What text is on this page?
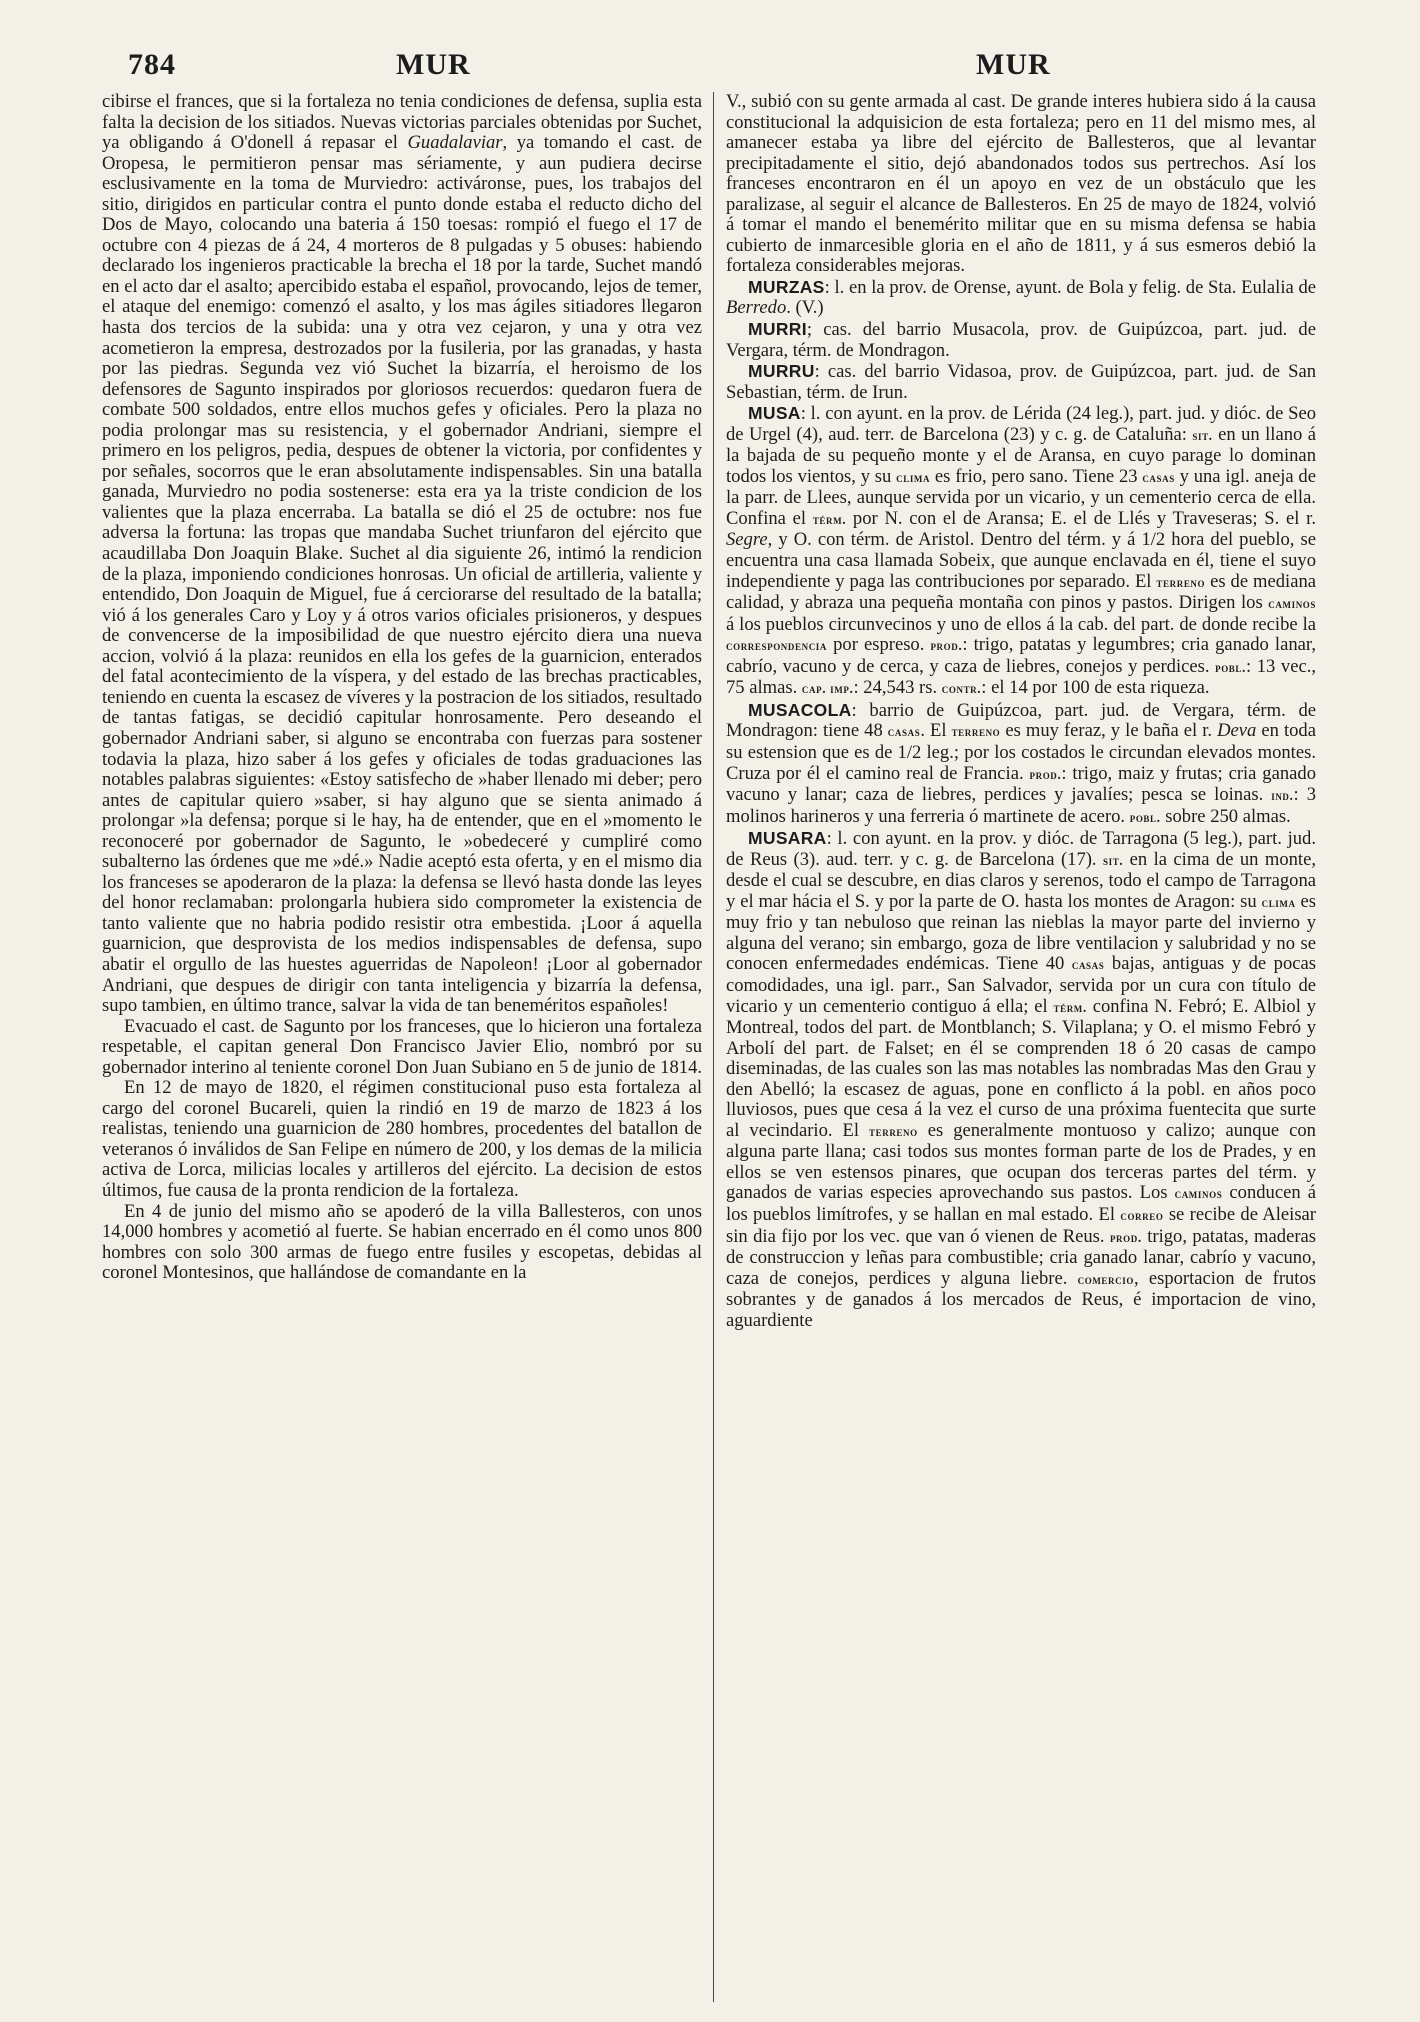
784	MUR	MUR

cibirse el frances, que si la fortaleza no tenia condiciones de defensa, suplia esta falta la decision de los sitiados. Nuevas victorias parciales obtenidas por Suchet, ya obligando á O'donell á repasar el Guadalaviar, ya tomando el cast. de Oropesa, le permitieron pensar mas sériamente, y aun pudiera decirse esclusivamente en la toma de Murviedro: activáronse, pues, los trabajos del sitio, dirigidos en particular contra el punto donde estaba el reducto dicho del Dos de Mayo, colocando una bateria á 150 toesas: rompió el fuego el 17 de octubre con 4 piezas de á 24, 4 morteros de 8 pulgadas y 5 obuses: habiendo declarado los ingenieros practicable la brecha el 18 por la tarde, Suchet mandó en el acto dar el asalto; apercibido estaba el español, provocando, lejos de temer, el ataque del enemigo: comenzó el asalto, y los mas ágiles sitiadores llegaron hasta dos tercios de la subida: una y otra vez cejaron, y una y otra vez acometieron la empresa, destrozados por la fusileria, por las granadas, y hasta por las piedras. Segunda vez vió Suchet la bizarría, el heroismo de los defensores de Sagunto inspirados por gloriosos recuerdos: quedaron fuera de combate 500 soldados, entre ellos muchos gefes y oficiales. Pero la plaza no podia prolongar mas su resistencia, y el gobernador Andriani, siempre el primero en los peligros, pedia, despues de obtener la victoria, por confidentes y por señales, socorros que le eran absolutamente indispensables. Sin una batalla ganada, Murviedro no podia sostenerse: esta era ya la triste condicion de los valientes que la plaza encerraba. La batalla se dió el 25 de octubre: nos fue adversa la fortuna: las tropas que mandaba Suchet triunfaron del ejército que acaudillaba Don Joaquin Blake. Suchet al dia siguiente 26, intimó la rendicion de la plaza, imponiendo condiciones honrosas. Un oficial de artilleria, valiente y entendido, Don Joaquin de Miguel, fue á cerciorarse del resultado de la batalla; vió á los generales Caro y Loy y á otros varios oficiales prisioneros, y despues de convencerse de la imposibilidad de que nuestro ejército diera una nueva accion, volvió á la plaza: reunidos en ella los gefes de la guarnicion, enterados del fatal acontecimiento de la víspera, y del estado de las brechas practicables, teniendo en cuenta la escasez de víveres y la postracion de los sitiados, resultado de tantas fatigas, se decidió capitular honrosamente. Pero deseando el gobernador Andriani saber, si alguno se encontraba con fuerzas para sostener todavia la plaza, hizo saber á los gefes y oficiales de todas graduaciones las notables palabras siguientes: «Estoy satisfecho de »haber llenado mi deber; pero antes de capitular quiero »saber, si hay alguno que se sienta animado á prolongar »la defensa; porque si le hay, ha de entender, que en el »momento le reconoceré por gobernador de Sagunto, le »obedeceré y cumpliré como subalterno las órdenes que me »dé.» Nadie aceptó esta oferta, y en el mismo dia los franceses se apoderaron de la plaza: la defensa se llevó hasta donde las leyes del honor reclamaban: prolongarla hubiera sido comprometer la existencia de tanto valiente que no habria podido resistir otra embestida. ¡Loor á aquella guarnicion, que desprovista de los medios indispensables de defensa, supo abatir el orgullo de las huestes aguerridas de Napoleon! ¡Loor al gobernador Andriani, que despues de dirigir con tanta inteligencia y bizarría la defensa, supo tambien, en último trance, salvar la vida de tan beneméritos españoles!

Evacuado el cast. de Sagunto por los franceses, que lo hicieron una fortaleza respetable, el capitan general Don Francisco Javier Elio, nombró por su gobernador interino al teniente coronel Don Juan Subiano en 5 de junio de 1814.

En 12 de mayo de 1820, el régimen constitucional puso esta fortaleza al cargo del coronel Bucareli, quien la rindió en 19 de marzo de 1823 á los realistas, teniendo una guarnicion de 280 hombres, procedentes del batallon de veteranos ó inválidos de San Felipe en número de 200, y los demas de la milicia activa de Lorca, milicias locales y artilleros del ejército. La decision de estos últimos, fue causa de la pronta rendicion de la fortaleza.

En 4 de junio del mismo año se apoderó de la villa Ballesteros, con unos 14,000 hombres y acometió al fuerte. Se habian encerrado en él como unos 800 hombres con solo 300 armas de fuego entre fusiles y escopetas, debidas al coronel Montesinos, que hallándose de comandante en la

V., subió con su gente armada al cast. De grande interes hubiera sido á la causa constitucional la adquisicion de esta fortaleza; pero en 11 del mismo mes, al amanecer estaba ya libre del ejército de Ballesteros, que al levantar precipitadamente el sitio, dejó abandonados todos sus pertrechos. Así los franceses encontraron en él un apoyo en vez de un obstáculo que les paralizase, al seguir el alcance de Ballesteros. En 25 de mayo de 1824, volvió á tomar el mando el benemérito militar que en su misma defensa se habia cubierto de inmarcesible gloria en el año de 1811, y á sus esmeros debió la fortaleza considerables mejoras.

MURZAS: l. en la prov. de Orense, ayunt. de Bola y felig. de Sta. Eulalia de Berredo. (V.)

MURRI; cas. del barrio Musacola, prov. de Guipúzcoa, part. jud. de Vergara, térm. de Mondragon.

MURRU: cas. del barrio Vidasoa, prov. de Guipúzcoa, part. jud. de San Sebastian, térm. de Irun.

MUSA: l. con ayunt. en la prov. de Lérida (24 leg.), part. jud. y dióc. de Seo de Urgel (4), aud. terr. de Barcelona (23) y c. g. de Cataluña: sit. en un llano á la bajada de su pequeño monte y el de Aransa, en cuyo parage lo dominan todos los vientos, y su clima es frio, pero sano. Tiene 23 casas y una igl. aneja de la parr. de Llees, aunque servida por un vicario, y un cementerio cerca de ella. Confina el térm. por N. con el de Aransa; E. el de Llés y Traveseras; S. el r. Segre, y O. con térm. de Aristol. Dentro del térm. y á 1/2 hora del pueblo, se encuentra una casa llamada Sobeix, que aunque enclavada en él, tiene el suyo independiente y paga las contribuciones por separado. El terreno es de mediana calidad, y abraza una pequeña montaña con pinos y pastos. Dirigen los caminos á los pueblos circunvecinos y uno de ellos á la cab. del part. de donde recibe la correspondencia por espreso. prod.: trigo, patatas y legumbres; cria ganado lanar, cabrío, vacuno y de cerca, y caza de liebres, conejos y perdices. pobl.: 13 vec., 75 almas. cap. imp.: 24,543 rs. contr.: el 14 por 100 de esta riqueza.

MUSACOLA: barrio de Guipúzcoa, part. jud. de Vergara, térm. de Mondragon: tiene 48 casas. El terreno es muy feraz, y le baña el r. Deva en toda su estension que es de 1/2 leg.; por los costados le circundan elevados montes. Cruza por él el camino real de Francia. prod.: trigo, maiz y frutas; cria ganado vacuno y lanar; caza de liebres, perdices y javalíes; pesca se loinas. ind.: 3 molinos harineros y una ferreria ó martinete de acero. pobl. sobre 250 almas.

MUSARA: l. con ayunt. en la prov. y dióc. de Tarragona (5 leg.), part. jud. de Reus (3). aud. terr. y c. g. de Barcelona (17). sit. en la cima de un monte, desde el cual se descubre, en dias claros y serenos, todo el campo de Tarragona y el mar hácia el S. y por la parte de O. hasta los montes de Aragon: su clima es muy frio y tan nebuloso que reinan las nieblas la mayor parte del invierno y alguna del verano; sin embargo, goza de libre ventilacion y salubridad y no se conocen enfermedades endémicas. Tiene 40 casas bajas, antiguas y de pocas comodidades, una igl. parr., San Salvador, servida por un cura con título de vicario y un cementerio contiguo á ella; el térm. confina N. Febró; E. Albiol y Montreal, todos del part. de Montblanch; S. Vilaplana; y O. el mismo Febró y Arbolí del part. de Falset; en él se comprenden 18 ó 20 casas de campo diseminadas, de las cuales son las mas notables las nombradas Mas den Grau y den Abelló; la escasez de aguas, pone en conflicto á la pobl. en años poco lluviosos, pues que cesa á la vez el curso de una próxima fuentecita que surte al vecindario. El terreno es generalmente montuoso y calizo; aunque con alguna parte llana; casi todos sus montes forman parte de los de Prades, y en ellos se ven estensos pinares, que ocupan dos terceras partes del térm. y ganados de varias especies aprovechando sus pastos. Los caminos conducen á los pueblos limítrofes, y se hallan en mal estado. El correo se recibe de Aleisar sin dia fijo por los vec. que van ó vienen de Reus. prod. trigo, patatas, maderas de construccion y leñas para combustible; cria ganado lanar, cabrío y vacuno, caza de conejos, perdices y alguna liebre. comercio, esportacion de frutos sobrantes y de ganados á los mercados de Reus, é importacion de vino, aguardiente
